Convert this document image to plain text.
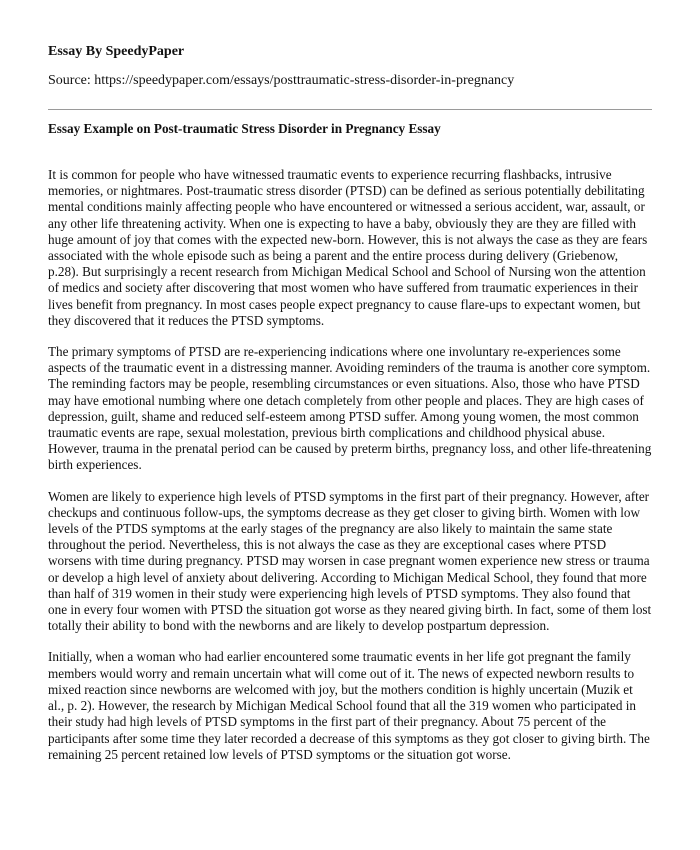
Essay By SpeedyPaper
Source: https://speedypaper.com/essays/posttraumatic-stress-disorder-in-pregnancy
Essay Example on Post-traumatic Stress Disorder in Pregnancy Essay

It is common for people who have witnessed traumatic events to experience recurring flashbacks, intrusive memories, or nightmares. Post-traumatic stress disorder (PTSD) can be defined as serious potentially debilitating mental conditions mainly affecting people who have encountered or witnessed a serious accident, war, assault, or any other life threatening activity. When one is expecting to have a baby, obviously they are they are filled with huge amount of joy that comes with the expected new-born. However, this is not always the case as they are fears associated with the whole episode such as being a parent and the entire process during delivery (Griebenow, p.28). But surprisingly a recent research from Michigan Medical School and School of Nursing won the attention of medics and society after discovering that most women who have suffered from traumatic experiences in their lives benefit from pregnancy. In most cases people expect pregnancy to cause flare-ups to expectant women, but they discovered that it reduces the PTSD symptoms.

The primary symptoms of PTSD are re-experiencing indications where one involuntary re-experiences some aspects of the traumatic event in a distressing manner. Avoiding reminders of the trauma is another core symptom. The reminding factors may be people, resembling circumstances or even situations. Also, those who have PTSD may have emotional numbing where one detach completely from other people and places. They are high cases of depression, guilt, shame and reduced self-esteem among PTSD suffer. Among young women, the most common traumatic events are rape, sexual molestation, previous birth complications and childhood physical abuse. However, trauma in the prenatal period can be caused by preterm births, pregnancy loss, and other life-threatening birth experiences.

Women are likely to experience high levels of PTSD symptoms in the first part of their pregnancy. However, after checkups and continuous follow-ups, the symptoms decrease as they get closer to giving birth. Women with low levels of the PTDS symptoms at the early stages of the pregnancy are also likely to maintain the same state throughout the period. Nevertheless, this is not always the case as they are exceptional cases where PTSD worsens with time during pregnancy. PTSD may worsen in case pregnant women experience new stress or trauma or develop a high level of anxiety about delivering. According to Michigan Medical School, they found that more than half of 319 women in their study were experiencing high levels of PTSD symptoms. They also found that one in every four women with PTSD the situation got worse as they neared giving birth. In fact, some of them lost totally their ability to bond with the newborns and are likely to develop postpartum depression.

Initially, when a woman who had earlier encountered some traumatic events in her life got pregnant the family members would worry and remain uncertain what will come out of it. The news of expected newborn results to mixed reaction since newborns are welcomed with joy, but the mothers condition is highly uncertain (Muzik et al., p. 2). However, the research by Michigan Medical School found that all the 319 women who participated in their study had high levels of PTSD symptoms in the first part of their pregnancy. About 75 percent of the participants after some time they later recorded a decrease of this symptoms as they got closer to giving birth. The remaining 25 percent retained low levels of PTSD symptoms or the situation got worse.
